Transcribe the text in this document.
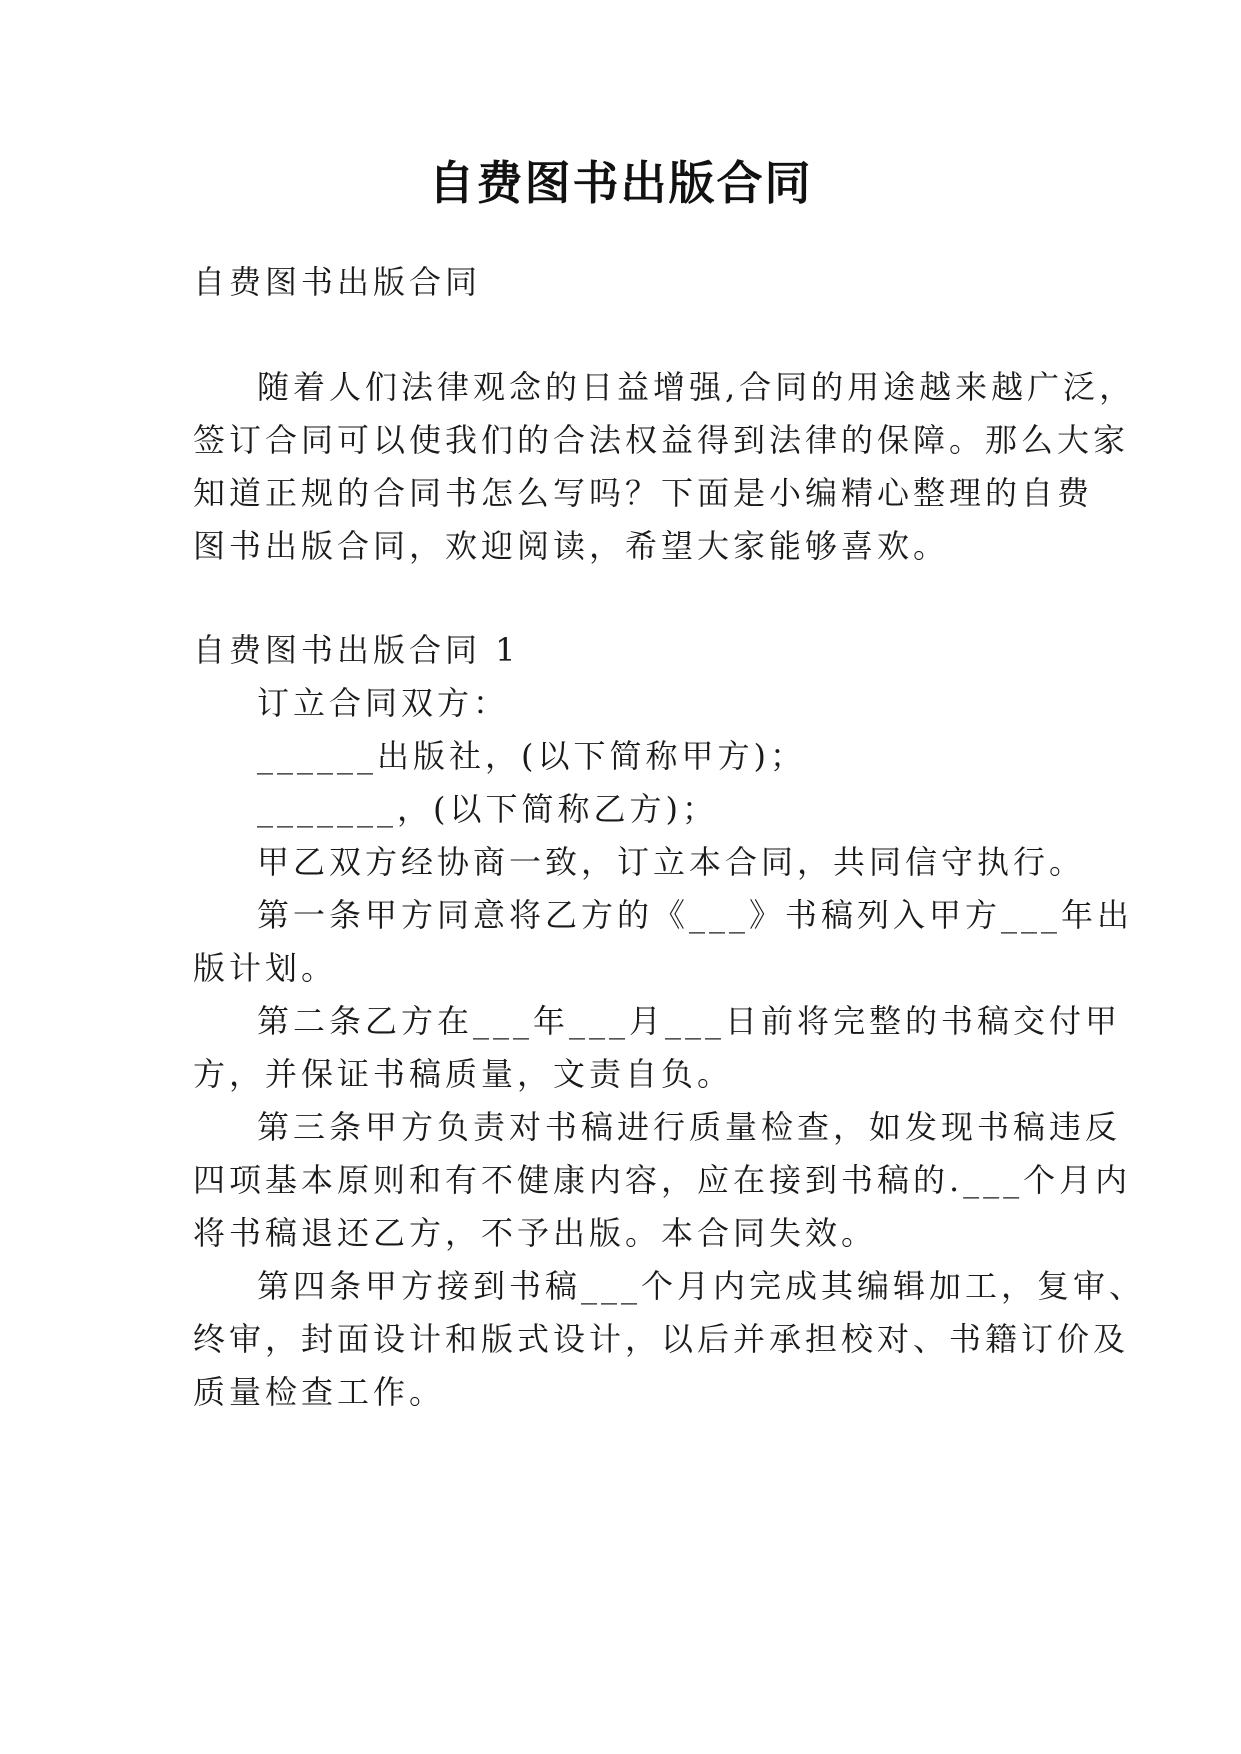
自费图书出版合同
自费图书出版合同
随着人们法律观念的日益增强,合同的用途越来越广泛，
签订合同可以使我们的合法权益得到法律的保障。那么大家
知道正规的合同书怎么写吗？下面是小编精心整理的自费
图书出版合同，欢迎阅读，希望大家能够喜欢。
自费图书出版合同 1
订立合同双方：
______出版社，(以下简称甲方)；
_______，(以下简称乙方)；
甲乙双方经协商一致，订立本合同，共同信守执行。
第一条甲方同意将乙方的《___》书稿列入甲方___年出
版计划。
第二条乙方在___年___月___日前将完整的书稿交付甲
方，并保证书稿质量，文责自负。
第三条甲方负责对书稿进行质量检查，如发现书稿违反
四项基本原则和有不健康内容，应在接到书稿的.___个月内
将书稿退还乙方，不予出版。本合同失效。
第四条甲方接到书稿___个月内完成其编辑加工，复审、
终审，封面设计和版式设计，以后并承担校对、书籍订价及
质量检查工作。
